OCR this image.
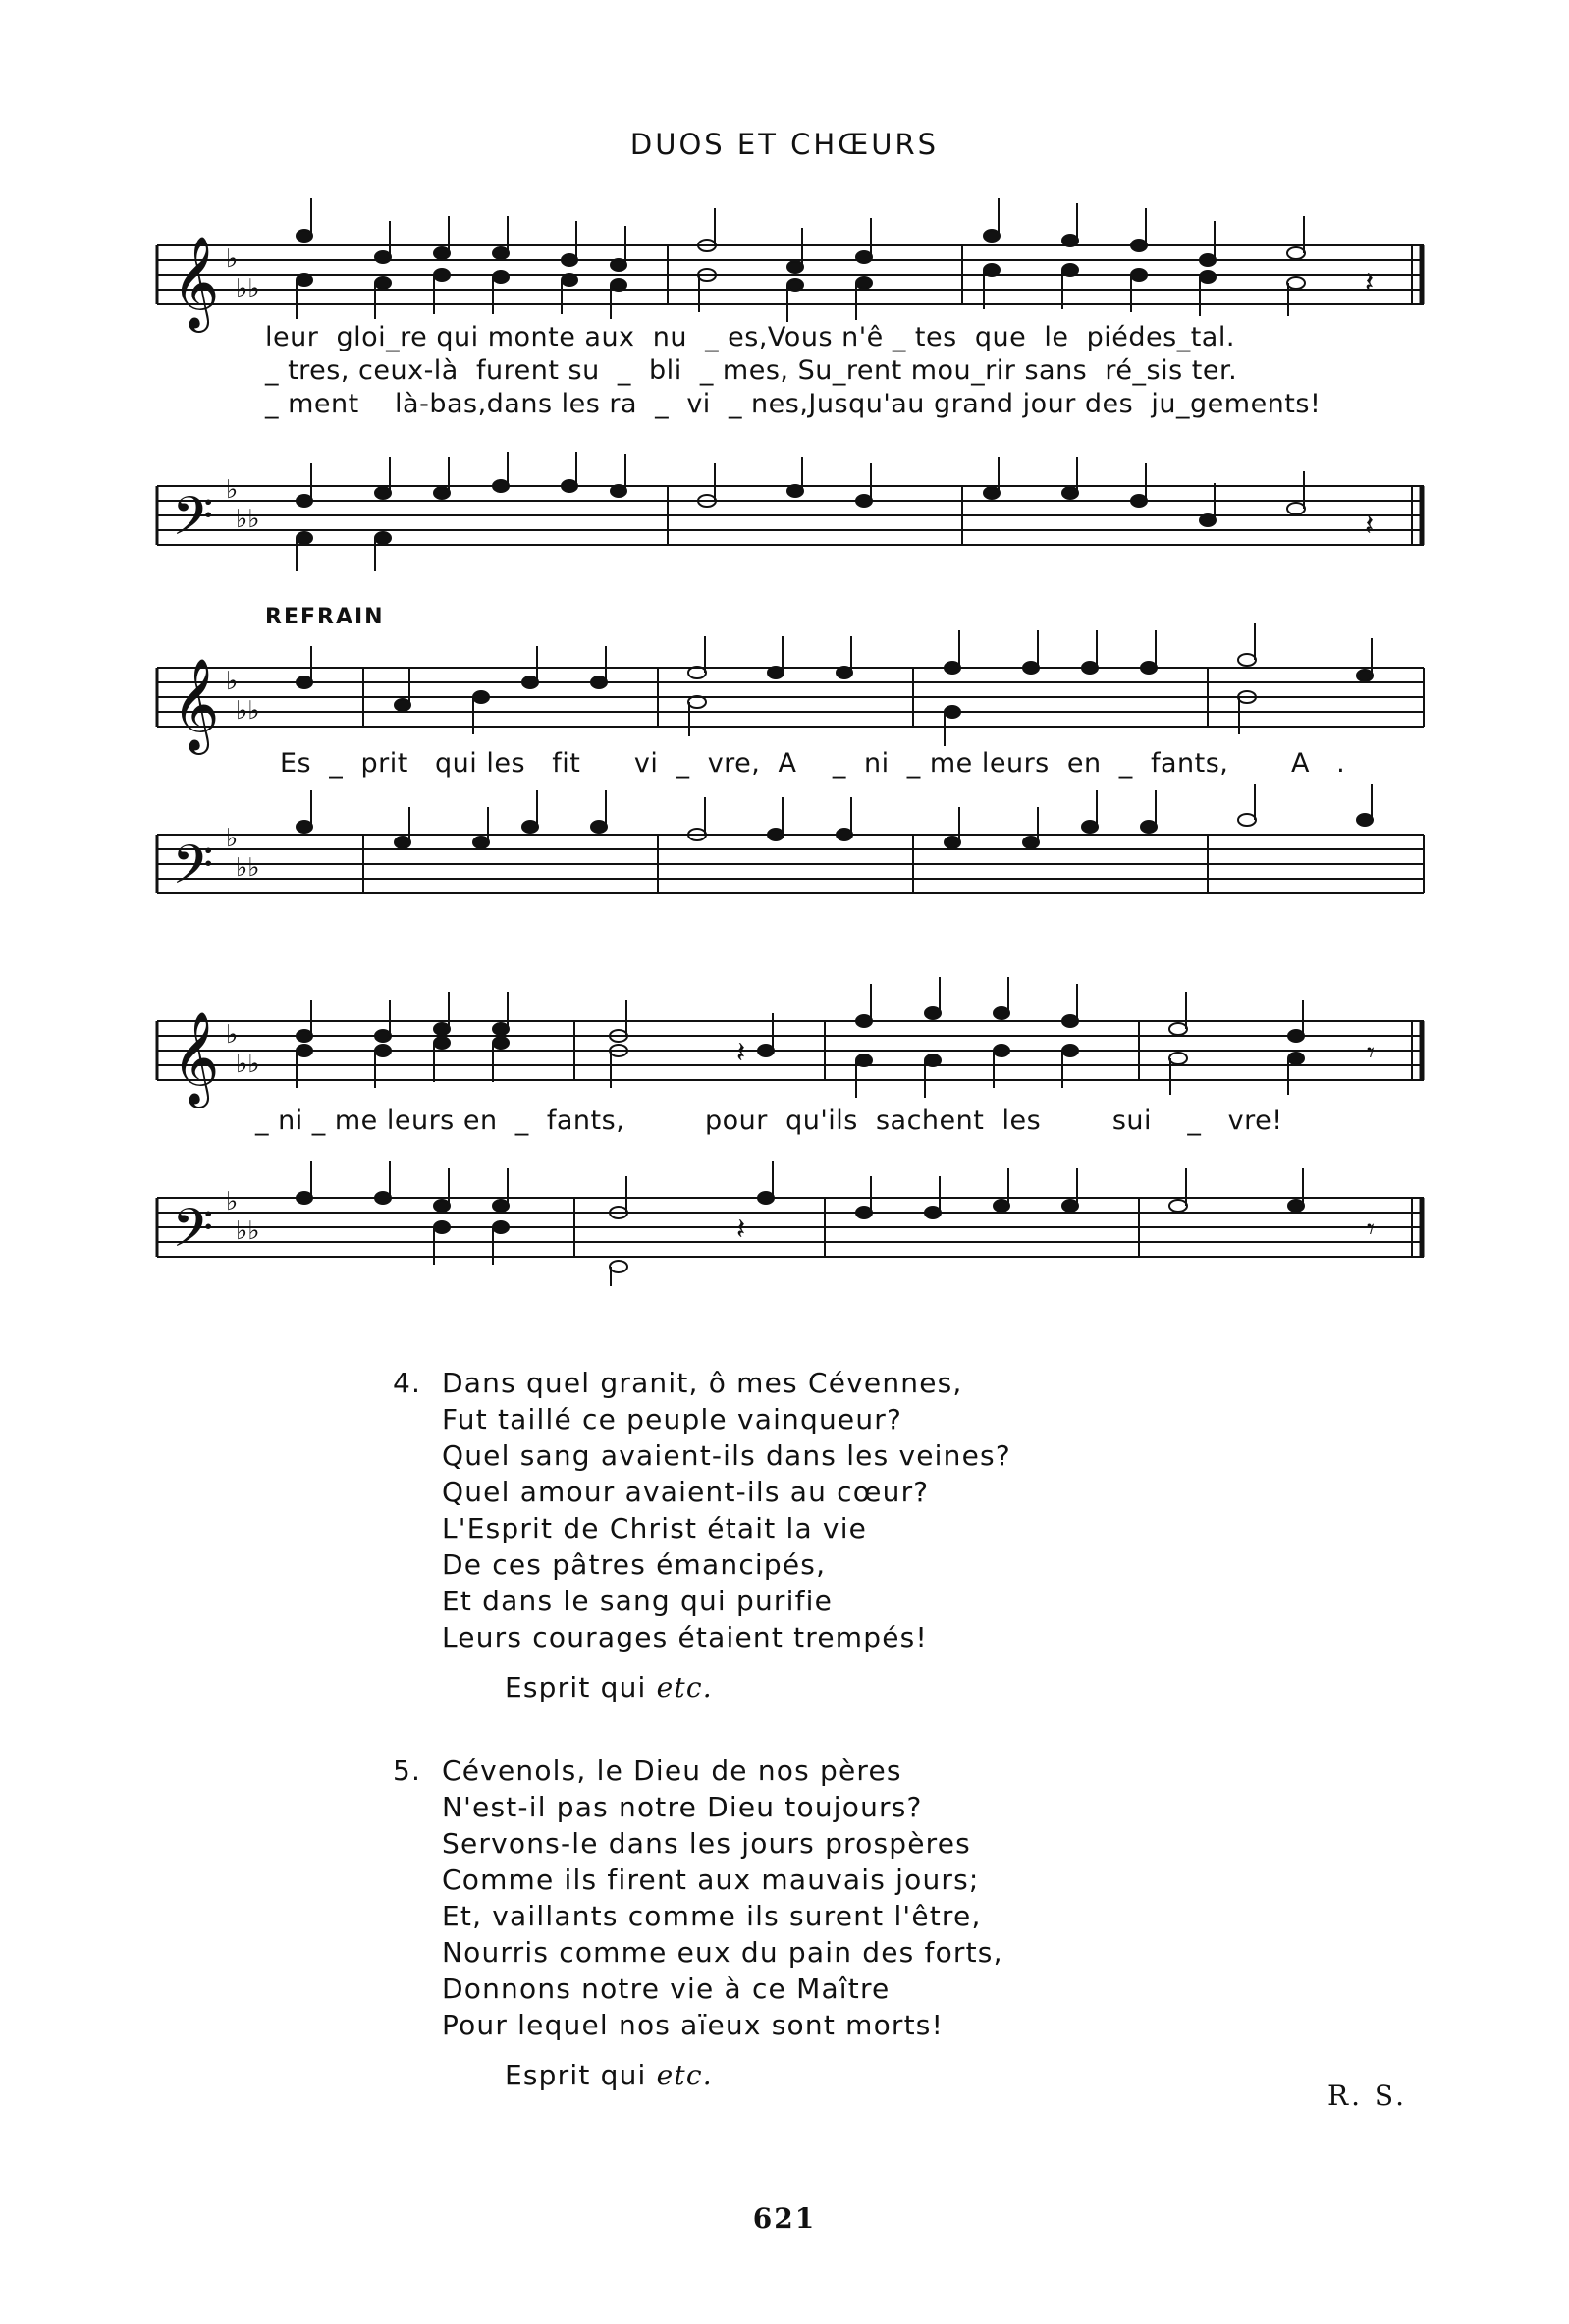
DUOS ET CHŒURS
𝄞
𝄢
♭
♭♭
♭
♭♭
𝄽
𝄽
leur  gloi_re qui monte aux  nu  _ es,Vous n'ê _ tes  que  le  piédes_tal.
_ tres, ceux-là  furent su  _  bli  _ mes, Su_rent mou_rir sans  ré_sis ter.
_ ment    là-bas,dans les ra  _  vi  _ nes,Jusqu'au grand jour des  ju_gements!
REFRAIN
𝄞
𝄢
♭
♭♭
♭
♭♭
Es  _  prit   qui les   fit      vi  _  vre,  A    _  ni  _ me leurs  en  _  fants,       A   .
𝄞
𝄢
♭
♭♭
♭
♭♭
𝄽	𝄾
𝄽	𝄾
_ ni _ me leurs en  _  fants,         pour  qu'ils  sachent  les        sui    _   vre!
4. Dans quel granit, ô mes Cévennes,
Fut taillé ce peuple vainqueur?
Quel sang avaient-ils dans les veines?
Quel amour avaient-ils au cœur?
L'Esprit de Christ était la vie
De ces pâtres émancipés,
Et dans le sang qui purifie
Leurs courages étaient trempés!
Esprit qui etc.
5. Cévenols, le Dieu de nos pères
N'est-il pas notre Dieu toujours?
Servons-le dans les jours prospères
Comme ils firent aux mauvais jours;
Et, vaillants comme ils surent l'être,
Nourris comme eux du pain des forts,
Donnons notre vie à ce Maître
Pour lequel nos aïeux sont morts!
Esprit qui etc.
R. S.
621
